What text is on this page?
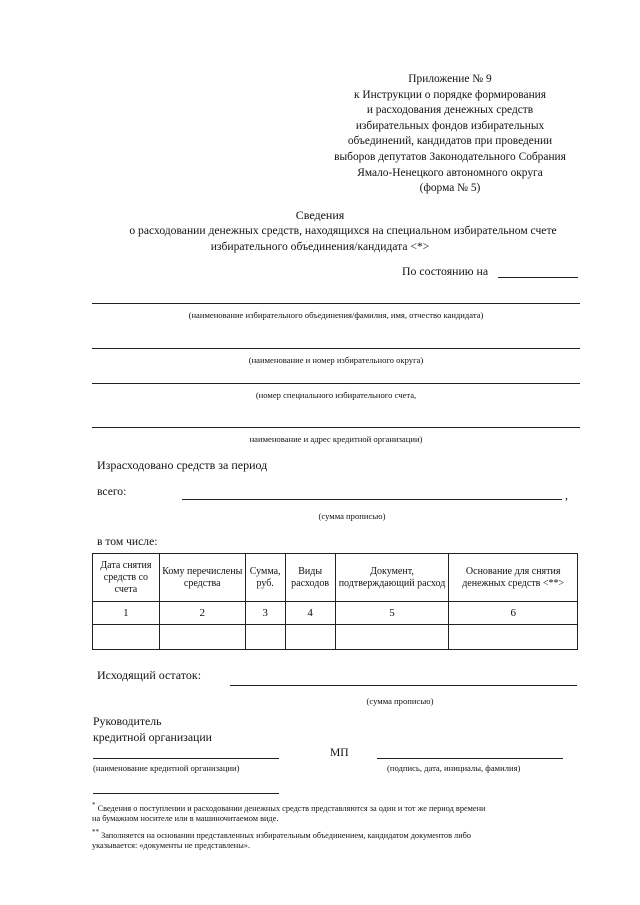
Приложение № 9
к Инструкции о порядке формирования
и расходования денежных средств
избирательных фондов избирательных
объединений, кандидатов при проведении
выборов депутатов Законодательного Собрания
Ямало-Ненецкого автономного округа
(форма № 5)
Сведения
о расходовании денежных средств, находящихся на специальном избирательном счете
избирательного объединения/кандидата <*>
По состоянию на
(наименование избирательного объединения/фамилия, имя, отчество кандидата)
(наименование и номер избирательного округа)
(номер специального избирательного счета,
наименование и адрес кредитной организации)
Израсходовано средств за период
всего:	,
(сумма прописью)
в том числе:
Дата снятия средств со счета	Кому перечислены средства	Сумма, руб.	Виды расходов	Документ, подтверждающий расход	Основание для снятия денежных средств <**>
1	2	3	4	5	6

Исходящий остаток:
(сумма прописью)
Руководитель
кредитной организации
МП
(наименование кредитной организации)	(подпись, дата, инициалы, фамилия)
* Сведения о поступлении и расходовании денежных средств представляются за один и тот же период времени
на бумажном носителе или в машиночитаемом виде.
** Заполняется на основании представленных избирательным объединением, кандидатом документов либо
указывается: «документы не представлены».
